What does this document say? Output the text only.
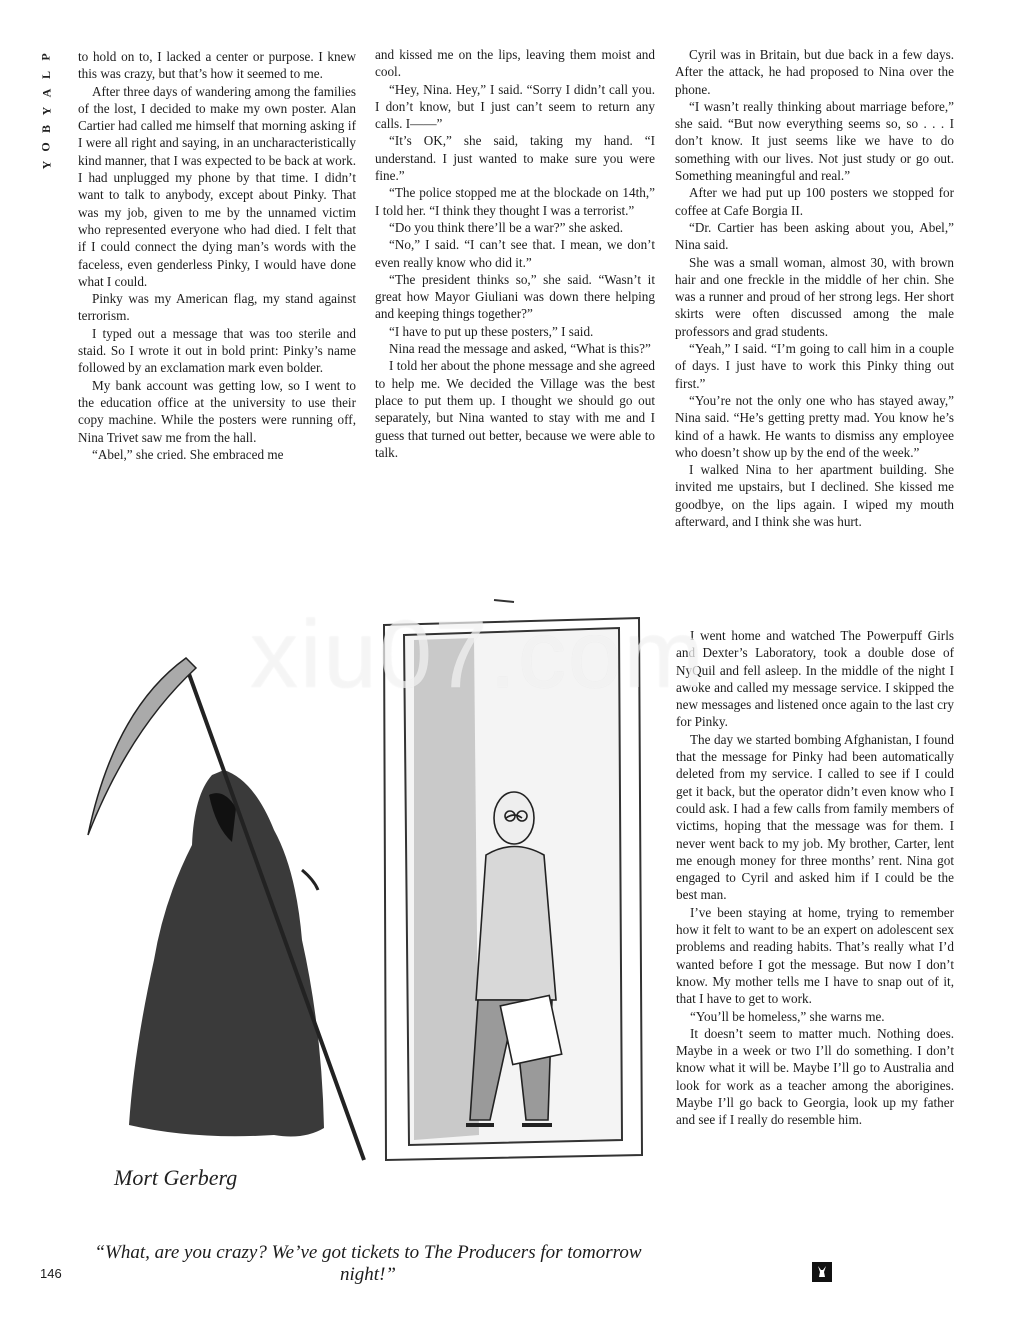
P
L
A
Y
B
O
Y

to hold on to, I lacked a center or purpose. I knew this was crazy, but that’s how it seemed to me.

After three days of wandering among the families of the lost, I decided to make my own poster. Alan Cartier had called me himself that morning asking if I were all right and saying, in an uncharacteristically kind manner, that I was expected to be back at work. I had unplugged my phone by that time. I didn’t want to talk to anybody, except about Pinky. That was my job, given to me by the unnamed victim who represented everyone who had died. I felt that if I could connect the dying man’s words with the faceless, even genderless Pinky, I would have done what I could.

Pinky was my American flag, my stand against terrorism.

I typed out a message that was too sterile and staid. So I wrote it out in bold print: Pinky’s name followed by an exclamation mark even bolder.

My bank account was getting low, so I went to the education office at the university to use their copy machine. While the posters were running off, Nina Trivet saw me from the hall.

“Abel,” she cried. She embraced me

and kissed me on the lips, leaving them moist and cool.

“Hey, Nina. Hey,” I said. “Sorry I didn’t call you. I don’t know, but I just can’t seem to return any calls. I——”

“It’s OK,” she said, taking my hand. “I understand. I just wanted to make sure you were fine.”

“The police stopped me at the blockade on 14th,” I told her. “I think they thought I was a terrorist.”

“Do you think there’ll be a war?” she asked.

“No,” I said. “I can’t see that. I mean, we don’t even really know who did it.”

“The president thinks so,” she said. “Wasn’t it great how Mayor Giuliani was down there helping and keeping things together?”

“I have to put up these posters,” I said.

Nina read the message and asked, “What is this?”

I told her about the phone message and she agreed to help me. We decided the Village was the best place to put them up. I thought we should go out separately, but Nina wanted to stay with me and I guess that turned out better, because we were able to talk.

Cyril was in Britain, but due back in a few days. After the attack, he had proposed to Nina over the phone.

“I wasn’t really thinking about marriage before,” she said. “But now everything seems so, so . . . I don’t know. It just seems like we have to do something with our lives. Not just study or go out. Something meaningful and real.”

After we had put up 100 posters we stopped for coffee at Cafe Borgia II.

“Dr. Cartier has been asking about you, Abel,” Nina said.

She was a small woman, almost 30, with brown hair and one freckle in the middle of her chin. She was a runner and proud of her strong legs. Her short skirts were often discussed among the male professors and grad students.

“Yeah,” I said. “I’m going to call him in a couple of days. I just have to work this Pinky thing out first.”

“You’re not the only one who has stayed away,” Nina said. “He’s getting pretty mad. You know he’s kind of a hawk. He wants to dismiss any employee who doesn’t show up by the end of the week.”

I walked Nina to her apartment building. She invited me upstairs, but I declined. She kissed me goodbye, on the lips again. I wiped my mouth afterward, and I think she was hurt.

I went home and watched The Powerpuff Girls and Dexter’s Laboratory, took a double dose of NyQuil and fell asleep. In the middle of the night I awoke and called my message service. I skipped the new messages and listened once again to the last cry for Pinky.

The day we started bombing Afghanistan, I found that the message for Pinky had been automatically deleted from my service. I called to see if I could get it back, but the operator didn’t even know who I could ask. I had a few calls from family members of victims, hoping that the message was for them. I never went back to my job. My brother, Carter, lent me enough money for three months’ rent. Nina got engaged to Cyril and asked him if I could be the best man.

I’ve been staying at home, trying to remember how it felt to want to be an expert on adolescent sex problems and reading habits. That’s really what I’d wanted before I got the message. But now I don’t know. My mother tells me I have to snap out of it, that I have to get to work.

“You’ll be homeless,” she warns me.

It doesn’t seem to matter much. Nothing does. Maybe in a week or two I’ll do something. I don’t know what it will be. Maybe I’ll go to Australia and look for work as a teacher among the aborigines. Maybe I’ll go back to Georgia, look up my father and see if I really do resemble him.

Mort Gerberg
xiu07.com
“What, are you crazy? We’ve got tickets to The Producers for tomorrow night!”
146
